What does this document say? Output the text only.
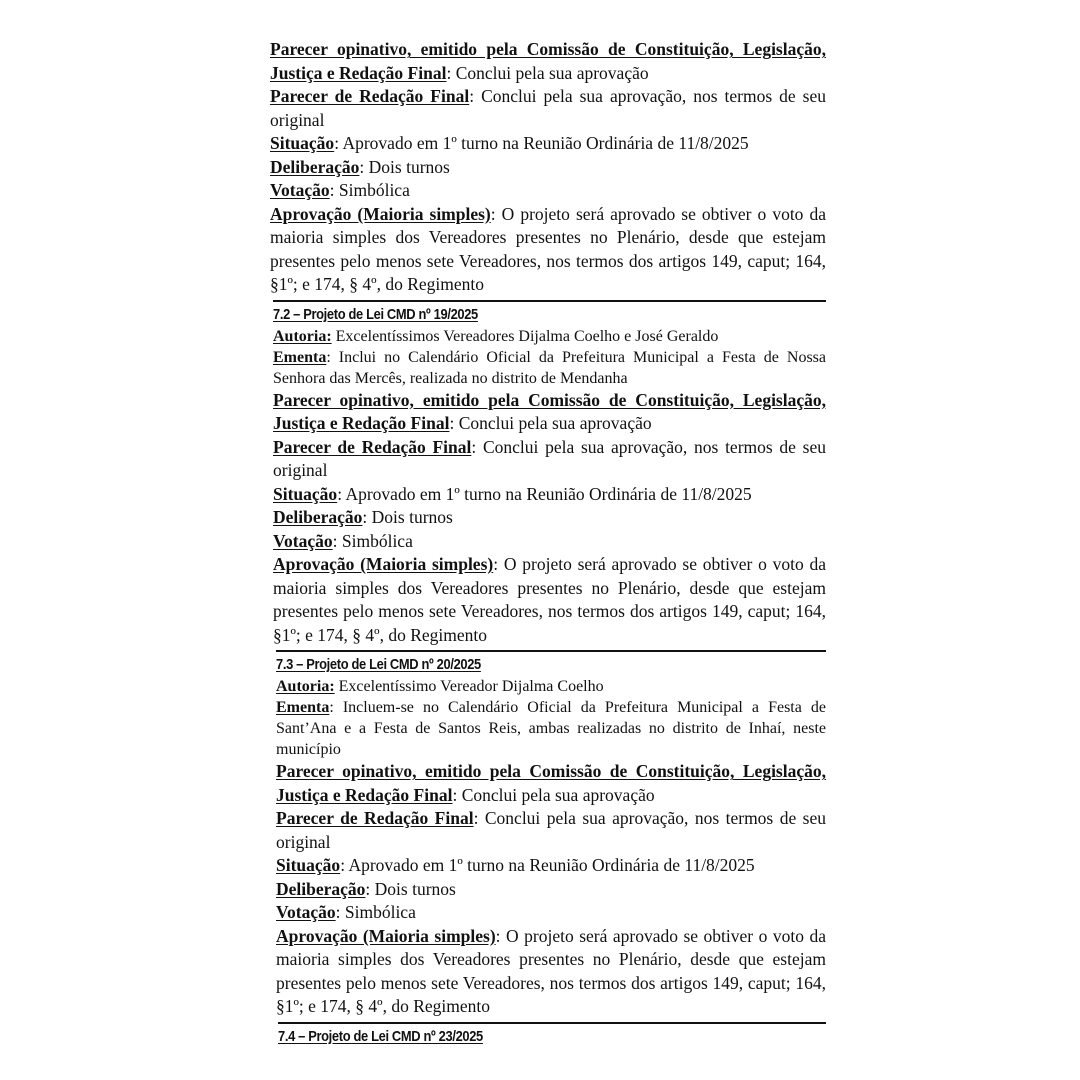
Parecer opinativo, emitido pela Comissão de Constituição, Legislação, Justiça e Redação Final: Conclui pela sua aprovação

Parecer de Redação Final: Conclui pela sua aprovação, nos termos de seu original

Situação: Aprovado em 1º turno na Reunião Ordinária de 11/8/2025

Deliberação: Dois turnos

Votação: Simbólica

Aprovação (Maioria simples): O projeto será aprovado se obtiver o voto da maioria simples dos Vereadores presentes no Plenário, desde que estejam presentes pelo menos sete Vereadores, nos termos dos artigos 149, caput; 164, §1º; e 174, § 4º, do Regimento

7.2 – Projeto de Lei CMD nº 19/2025

Autoria: Excelentíssimos Vereadores Dijalma Coelho e José Geraldo

Ementa: Inclui no Calendário Oficial da Prefeitura Municipal a Festa de Nossa Senhora das Mercês, realizada no distrito de Mendanha

Parecer opinativo, emitido pela Comissão de Constituição, Legislação, Justiça e Redação Final: Conclui pela sua aprovação

Parecer de Redação Final: Conclui pela sua aprovação, nos termos de seu original

Situação: Aprovado em 1º turno na Reunião Ordinária de 11/8/2025

Deliberação: Dois turnos

Votação: Simbólica

Aprovação (Maioria simples): O projeto será aprovado se obtiver o voto da maioria simples dos Vereadores presentes no Plenário, desde que estejam presentes pelo menos sete Vereadores, nos termos dos artigos 149, caput; 164, §1º; e 174, § 4º, do Regimento

7.3 – Projeto de Lei CMD nº 20/2025

Autoria: Excelentíssimo Vereador Dijalma Coelho

Ementa: Incluem-se no Calendário Oficial da Prefeitura Municipal a Festa de Sant’Ana e a Festa de Santos Reis, ambas realizadas no distrito de Inhaí, neste município

Parecer opinativo, emitido pela Comissão de Constituição, Legislação, Justiça e Redação Final: Conclui pela sua aprovação

Parecer de Redação Final: Conclui pela sua aprovação, nos termos de seu original

Situação: Aprovado em 1º turno na Reunião Ordinária de 11/8/2025

Deliberação: Dois turnos

Votação: Simbólica

Aprovação (Maioria simples): O projeto será aprovado se obtiver o voto da maioria simples dos Vereadores presentes no Plenário, desde que estejam presentes pelo menos sete Vereadores, nos termos dos artigos 149, caput; 164, §1º; e 174, § 4º, do Regimento

7.4 – Projeto de Lei CMD nº 23/2025
